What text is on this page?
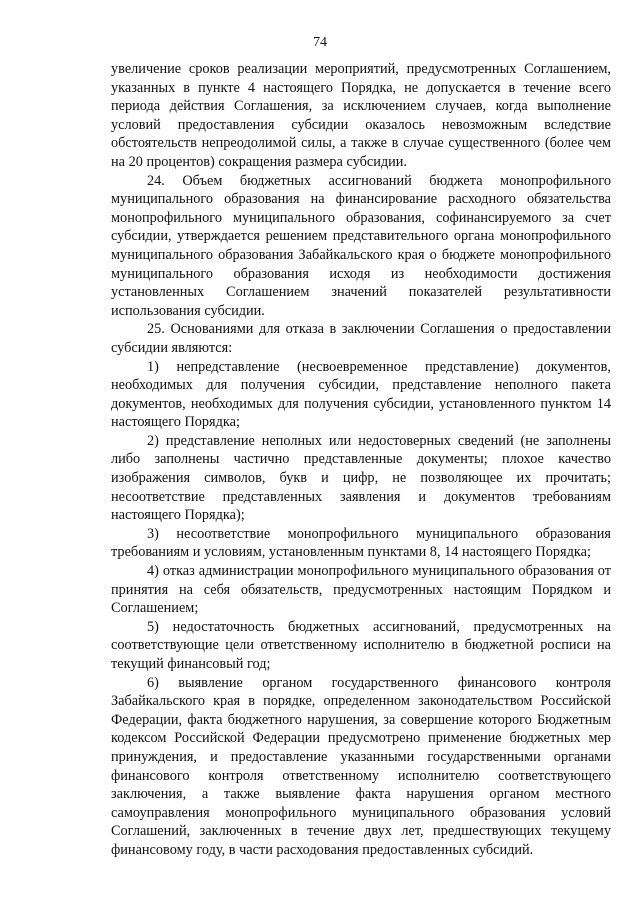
74

увеличение сроков реализации мероприятий, предусмотренных Соглашением, указанных в пункте 4 настоящего Порядка, не допускается в течение всего периода действия Соглашения, за исключением случаев, когда выполнение условий предоставления субсидии оказалось невозможным вследствие обстоятельств непреодолимой силы, а также в случае существенного (более чем на 20 процентов) сокращения размера субсидии.

24. Объем бюджетных ассигнований бюджета монопрофильного муниципального образования на финансирование расходного обязательства монопрофильного муниципального образования, софинансируемого за счет субсидии, утверждается решением представительного органа монопрофильного муниципального образования Забайкальского края о бюджете монопрофильного муниципального образования исходя из необходимости достижения установленных Соглашением значений показателей результативности использования субсидии.

25. Основаниями для отказа в заключении Соглашения о предоставлении субсидии являются:

1) непредставление (несвоевременное представление) документов, необходимых для получения субсидии, представление неполного пакета документов, необходимых для получения субсидии, установленного пунктом 14 настоящего Порядка;

2) представление неполных или недостоверных сведений (не заполнены либо заполнены частично представленные документы; плохое качество изображения символов, букв и цифр, не позволяющее их прочитать; несоответствие представленных заявления и документов требованиям настоящего Порядка);

3) несоответствие монопрофильного муниципального образования требованиям и условиям, установленным пунктами 8, 14 настоящего Порядка;

4) отказ администрации монопрофильного муниципального образования от принятия на себя обязательств, предусмотренных настоящим Порядком и Соглашением;

5) недостаточность бюджетных ассигнований, предусмотренных на соответствующие цели ответственному исполнителю в бюджетной росписи на текущий финансовый год;

6) выявление органом государственного финансового контроля Забайкальского края в порядке, определенном законодательством Российской Федерации, факта бюджетного нарушения, за совершение которого Бюджетным кодексом Российской Федерации предусмотрено применение бюджетных мер принуждения, и предоставление указанными государственными органами финансового контроля ответственному исполнителю соответствующего заключения, а также выявление факта нарушения органом местного самоуправления монопрофильного муниципального образования условий Соглашений, заключенных в течение двух лет, предшествующих текущему финансовому году, в части расходования предоставленных субсидий.
